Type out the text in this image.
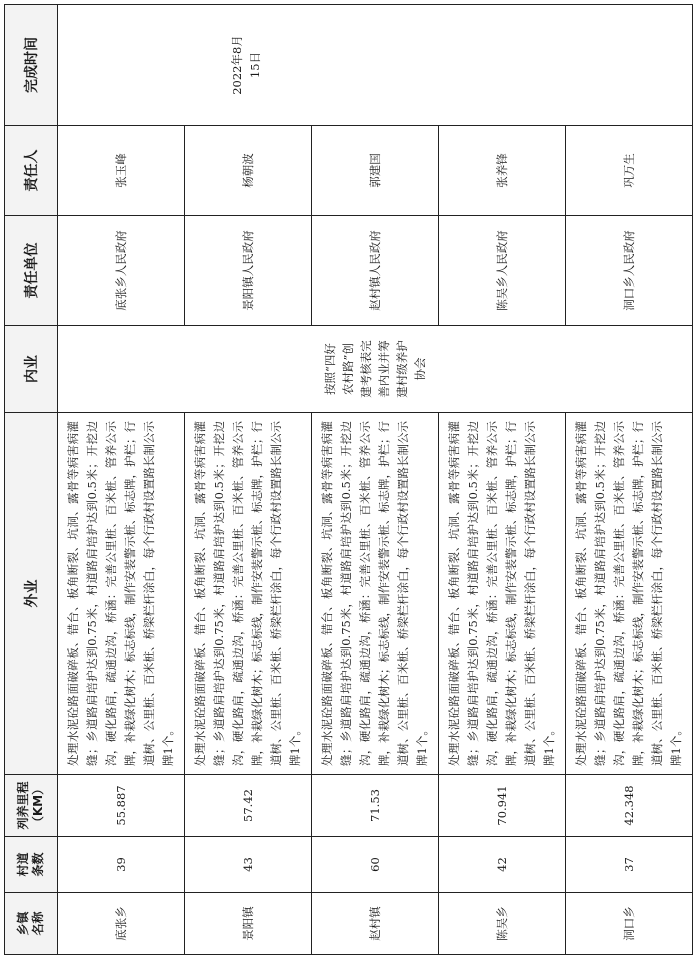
乡镇名称	村道条数	列养里程（KM）	外业	内业	责任单位	责任人	完成时间
底张乡	39	55.887	处理水泥砼路面破碎板、错台、板角断裂、坑洞、露骨等病害病灌缝；乡道路肩培护达到0.75米，村道路肩培护达到0.5米；开挖边沟，硬化路肩，疏通边沟，桥涵：完善公里桩、百米桩、管养公示牌，补栽绿化树木；标志标线，制作安装警示桩、标志牌，护栏；行道树、公里桩、百米桩、桥梁栏杆涂白，每个行政村设置路长制公示牌1个。	按照“四好农村路”创建考核表完善内业并筹建村级养护协会	底张乡人民政府	张玉峰	2022年8月15日
景阳镇	43	57.42	处理水泥砼路面破碎板、错台、板角断裂、坑洞、露骨等病害病灌缝；乡道路肩培护达到0.75米，村道路肩培护达到0.5米；开挖边沟，硬化路肩，疏通边沟，桥涵：完善公里桩、百米桩、管养公示牌，补栽绿化树木；标志标线，制作安装警示桩、标志牌，护栏；行道树、公里桩、百米桩、桥梁栏杆涂白，每个行政村设置路长制公示牌1个。		景阳镇人民政府	杨朝波	
赵村镇	60	71.53	处理水泥砼路面破碎板、错台、板角断裂、坑洞、露骨等病害病灌缝；乡道路肩培护达到0.75米，村道路肩培护达到0.5米；开挖边沟，硬化路肩，疏通边沟，桥涵：完善公里桩、百米桩、管养公示牌，补栽绿化树木；标志标线，制作安装警示桩、标志牌，护栏；行道树、公里桩、百米桩、桥梁栏杆涂白，每个行政村设置路长制公示牌1个。		赵村镇人民政府	郭建国	
陈吴乡	42	70.941	处理水泥砼路面破碎板、错台、板角断裂、坑洞、露骨等病害病灌缝；乡道路肩培护达到0.75米，村道路肩培护达到0.5米；开挖边沟，硬化路肩，疏通边沟，桥涵：完善公里桩、百米桩、管养公示牌，补栽绿化树木；标志标线，制作安装警示桩、标志牌，护栏；行道树、公里桩、百米桩、桥梁栏杆涂白，每个行政村设置路长制公示牌1个。		陈吴乡人民政府	张养锋	
洞口乡	37	42.348	处理水泥砼路面破碎板、错台、板角断裂、坑洞、露骨等病害病灌缝；乡道路肩培护达到0.75米，村道路肩培护达到0.5米；开挖边沟，硬化路肩，疏通边沟，桥涵：完善公里桩、百米桩、管养公示牌，补栽绿化树木；标志标线，制作安装警示桩、标志牌，护栏；行道树、公里桩、百米桩、桥梁栏杆涂白，每个行政村设置路长制公示牌1个。		洞口乡人民政府	巩万生	
